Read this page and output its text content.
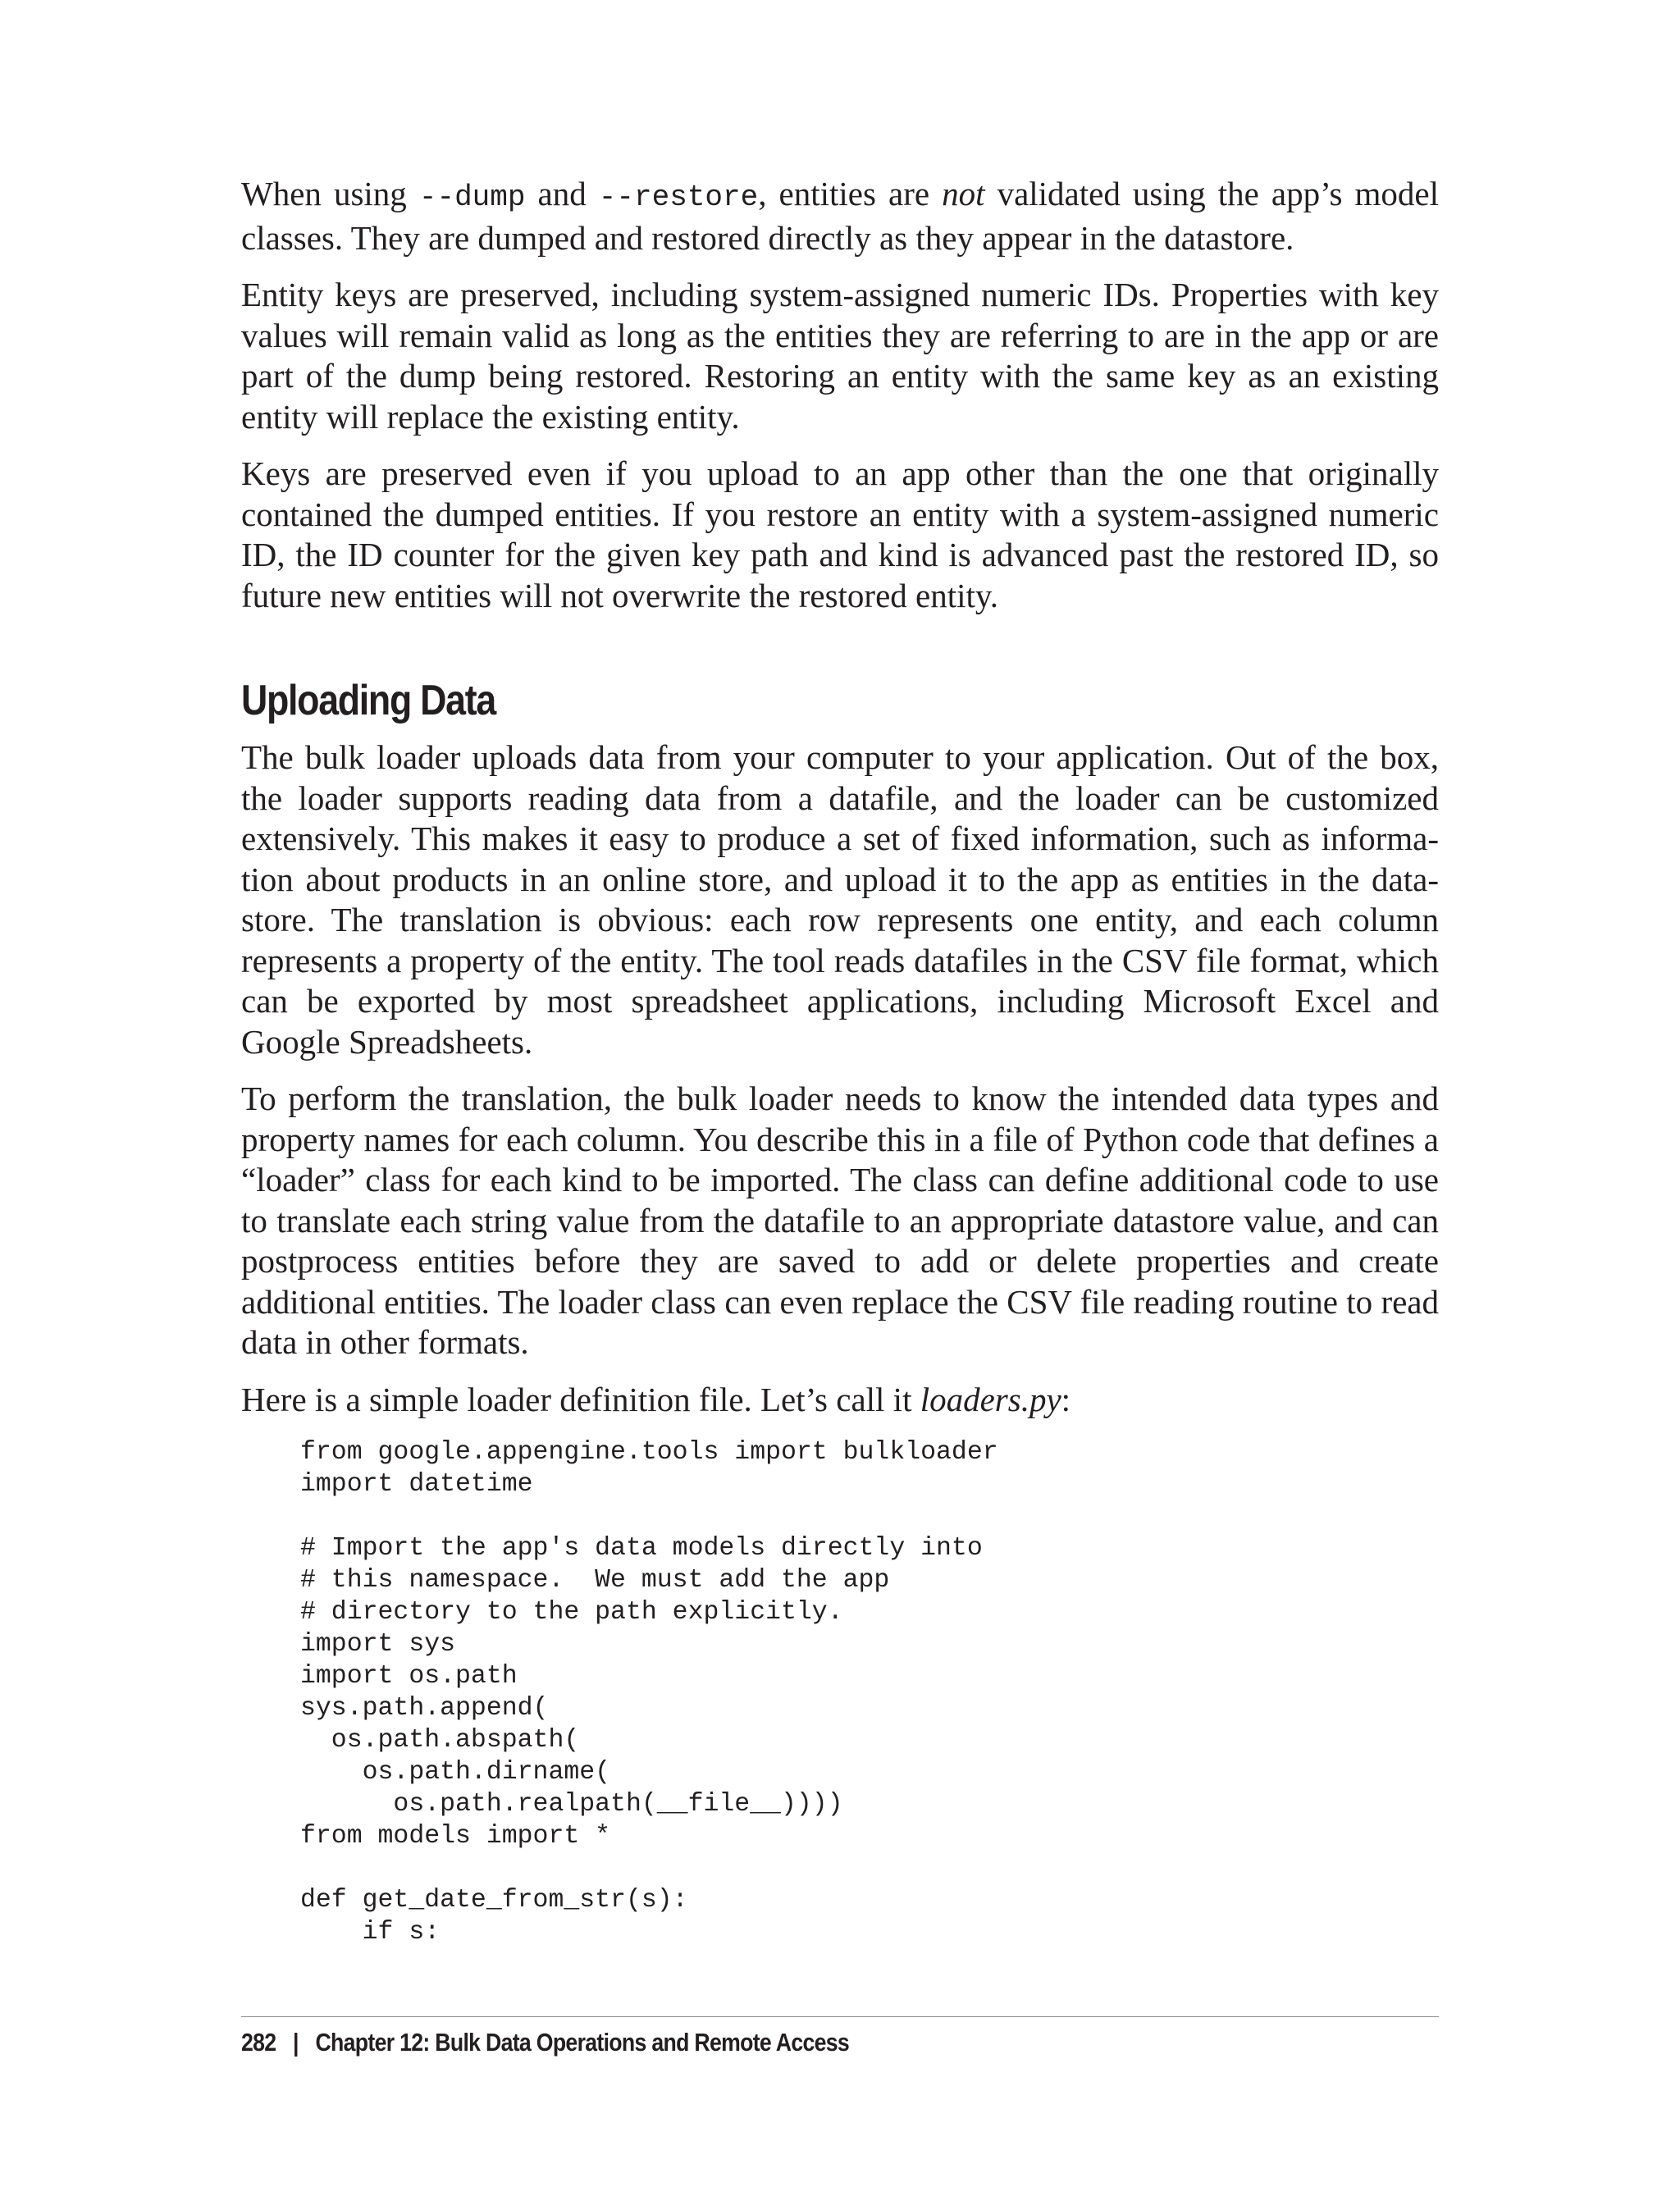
When using --dump and --restore, entities are not validated using the app’s model classes. They are dumped and restored directly as they appear in the datastore.

Entity keys are preserved, including system-assigned numeric IDs. Properties with key values will remain valid as long as the entities they are referring to are in the app or are part of the dump being restored. Restoring an entity with the same key as an existing entity will replace the existing entity.

Keys are preserved even if you upload to an app other than the one that originally contained the dumped entities. If you restore an entity with a system-assigned numeric ID, the ID counter for the given key path and kind is advanced past the restored ID, so future new entities will not overwrite the restored entity.

Uploading Data

The bulk loader uploads data from your computer to your application. Out of the box, the loader supports reading data from a datafile, and the loader can be customized extensively. This makes it easy to produce a set of fixed information, such as information about products in an online store, and upload it to the app as entities in the datastore. The translation is obvious: each row represents one entity, and each column represents a property of the entity. The tool reads datafiles in the CSV file format, which can be exported by most spreadsheet applications, including Microsoft Excel and Google Spreadsheets.

To perform the translation, the bulk loader needs to know the intended data types and property names for each column. You describe this in a file of Python code that defines a “loader” class for each kind to be imported. The class can define additional code to use to translate each string value from the datafile to an appropriate datastore value, and can postprocess entities before they are saved to add or delete properties and create additional entities. The loader class can even replace the CSV file reading routine to read data in other formats.

Here is a simple loader definition file. Let’s call it loaders.py:

from google.appengine.tools import bulkloader
import datetime

# Import the app's data models directly into
# this namespace.  We must add the app
# directory to the path explicitly.
import sys
import os.path
sys.path.append(
os.path.abspath(
os.path.dirname(
os.path.realpath(__file__))))
from models import *

def get_date_from_str(s):
if s:
282 | Chapter 12: Bulk Data Operations and Remote Access
